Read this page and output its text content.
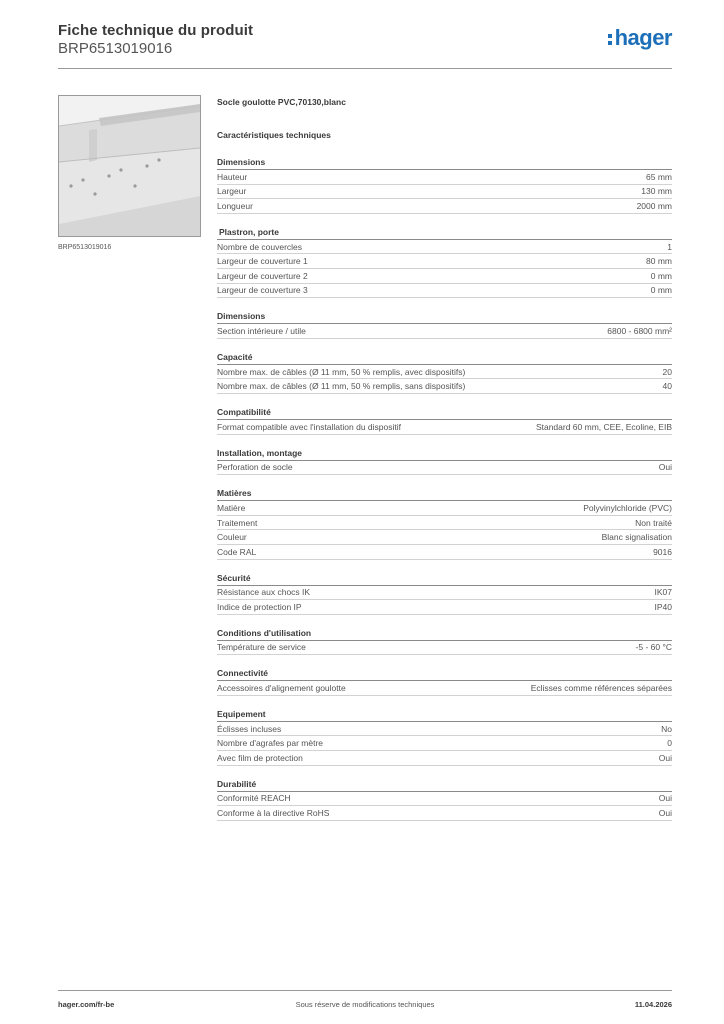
Fiche technique du produit
BRP6513019016	hager
BRP6513019016
Socle goulotte PVC,70130,blanc
Caractéristiques techniques
Dimensions
Hauteur	65 mm
Largeur	130 mm
Longueur	2000 mm
Plastron, porte
Nombre de couvercles	1
Largeur de couverture 1	80 mm
Largeur de couverture 2	0 mm
Largeur de couverture 3	0 mm
Dimensions
Section intérieure / utile	6800 - 6800 mm²
Capacité
Nombre max. de câbles (Ø 11 mm, 50 % remplis, avec dispositifs)	20
Nombre max. de câbles (Ø 11 mm, 50 % remplis, sans dispositifs)	40
Compatibilité
Format compatible avec l'installation du dispositif	Standard 60 mm, CEE, Ecoline, EIB
Installation, montage
Perforation de socle	Oui
Matières
Matière	Polyvinylchloride (PVC)
Traitement	Non traité
Couleur	Blanc signalisation
Code RAL	9016
Sécurité
Résistance aux chocs IK	IK07
Indice de protection IP	IP40
Conditions d'utilisation
Température de service	-5 - 60 °C
Connectivité
Accessoires d'alignement goulotte	Eclisses comme références séparées
Equipement
Éclisses incluses	No
Nombre d'agrafes par mètre	0
Avec film de protection	Oui
Durabilité
Conformité REACH	Oui
Conforme à la directive RoHS	Oui
hager.com/fr-be	Sous réserve de modifications techniques	11.04.2026
